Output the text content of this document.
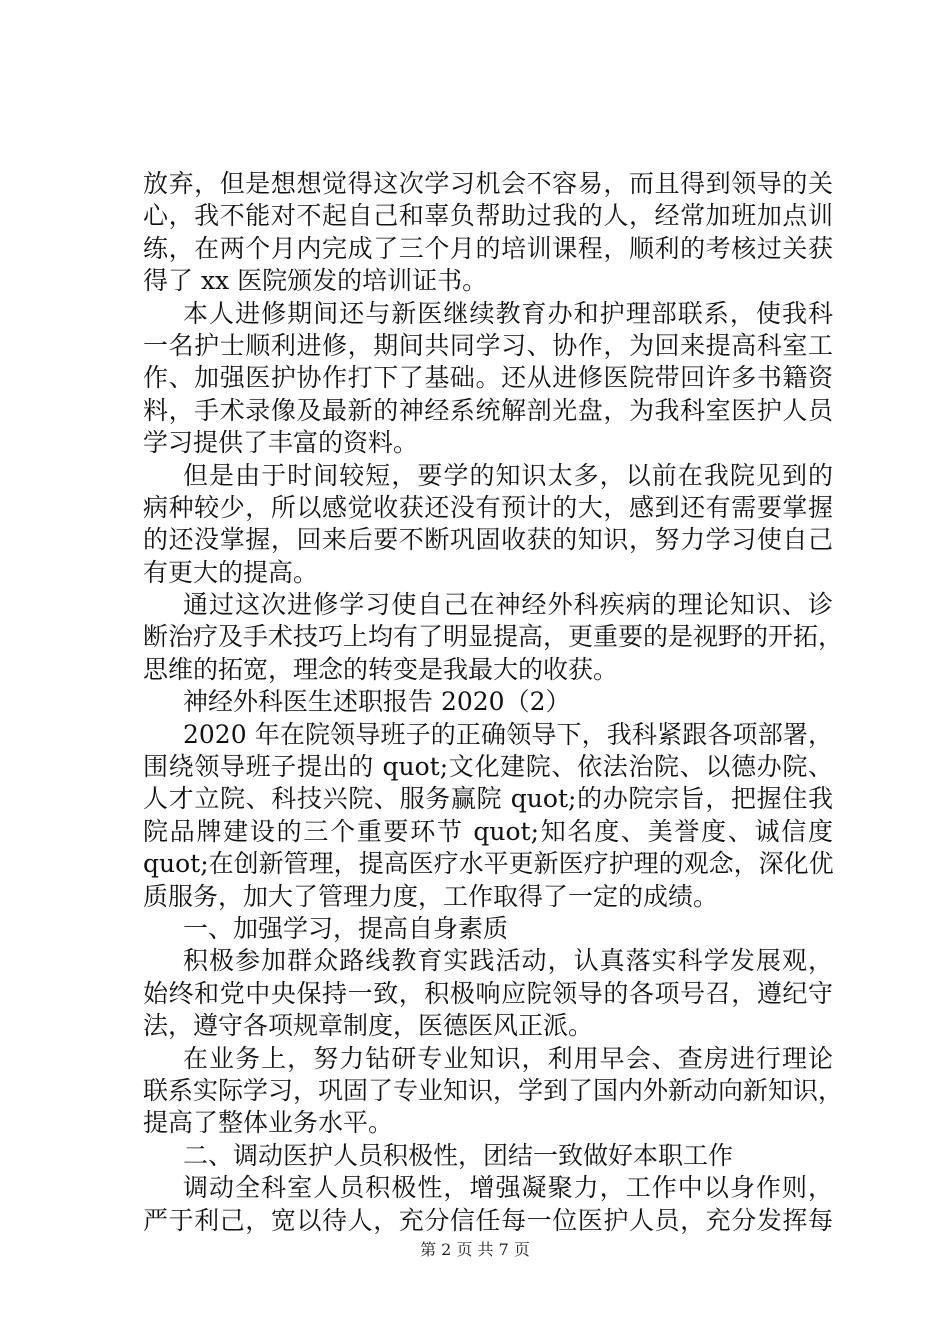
放弃，但是想想觉得这次学习机会不容易，而且得到领导的关
心，我不能对不起自己和辜负帮助过我的人，经常加班加点训
练，在两个月内完成了三个月的培训课程，顺利的考核过关获
得了 xx 医院颁发的培训证书。
本人进修期间还与新医继续教育办和护理部联系，使我科
一名护士顺利进修，期间共同学习、协作，为回来提高科室工
作、加强医护协作打下了基础。还从进修医院带回许多书籍资
料，手术录像及最新的神经系统解剖光盘，为我科室医护人员
学习提供了丰富的资料。
但是由于时间较短，要学的知识太多，以前在我院见到的
病种较少，所以感觉收获还没有预计的大，感到还有需要掌握
的还没掌握，回来后要不断巩固收获的知识，努力学习使自己
有更大的提高。
通过这次进修学习使自己在神经外科疾病的理论知识、诊
断治疗及手术技巧上均有了明显提高，更重要的是视野的开拓，
思维的拓宽，理念的转变是我最大的收获。
神经外科医生述职报告 2020（2）
2020 年在院领导班子的正确领导下，我科紧跟各项部署，
围绕领导班子提出的 quot;文化建院、依法治院、以德办院、
人才立院、科技兴院、服务赢院 quot;的办院宗旨，把握住我
院品牌建设的三个重要环节 quot;知名度、美誉度、诚信度
quot;在创新管理，提高医疗水平更新医疗护理的观念，深化优
质服务，加大了管理力度，工作取得了一定的成绩。
一、加强学习，提高自身素质
积极参加群众路线教育实践活动，认真落实科学发展观，
始终和党中央保持一致，积极响应院领导的各项号召，遵纪守
法，遵守各项规章制度，医德医风正派。
在业务上，努力钻研专业知识，利用早会、查房进行理论
联系实际学习，巩固了专业知识，学到了国内外新动向新知识，
提高了整体业务水平。
二、调动医护人员积极性，团结一致做好本职工作
调动全科室人员积极性，增强凝聚力，工作中以身作则，
严于利己，宽以待人，充分信任每一位医护人员，充分发挥每
第 2 页 共 7 页
